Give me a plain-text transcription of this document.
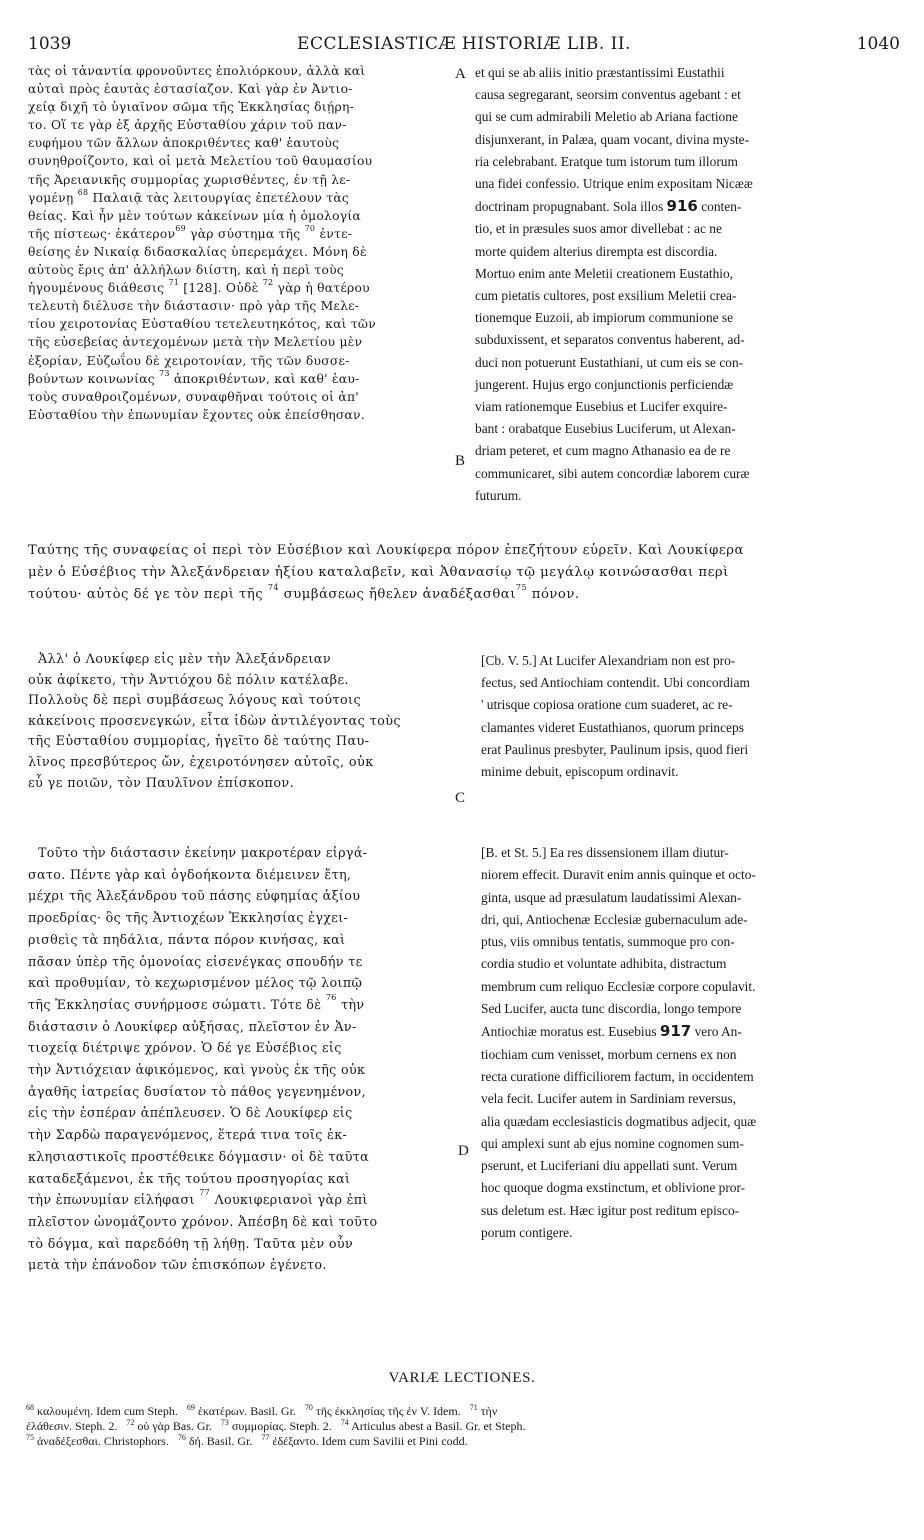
1039	ECCLESIASTICÆ HISTORIÆ LIB. II.	1040
τὰς οἱ τἀναντία φρονοῦντες ἐπολιόρκουν, ἀλλὰ καὶ
αὐταὶ πρὸς ἑαυτὰς ἐστασίαζον. Καὶ γὰρ ἐν Ἀντιο-
χείᾳ διχῆ τὸ ὑγιαῖνον σῶμα τῆς Ἐκκλησίας διῄρη-
το. Οἵ τε γὰρ ἐξ ἀρχῆς Εὐσταθίου χάριν τοῦ παν-
ευφήμου τῶν ἄλλων ἀποκριθέντες καθ' ἑαυτοὺς
συνηθροίζοντο, καὶ οἱ μετὰ Μελετίου τοῦ θαυμασίου
τῆς Ἀρειανικῆς συμμορίας χωρισθέντες, ἐν τῇ λε-
γομένῃ $^{68}$ Παλαιᾷ τὰς λειτουργίας ἐπετέλουν τὰς
θείας. Καὶ ἦν μὲν τούτων κἀκείνων μία ἡ ὁμολογία
τῆς πίστεως· ἑκάτερον$^{69}$ γὰρ σύστημα τῆς $^{70}$ ἐντε-
θείσης ἐν Νικαίᾳ διδασκαλίας ὑπερεμάχει. Μόνη δὲ
αὐτοὺς ἔρις ἀπ' ἀλλήλων διίστη, καὶ ἡ περὶ τοὺς
ἡγουμένους διάθεσις $^{71}$ [128]. Οὐδὲ $^{72}$ γὰρ ἡ θατέρου
τελευτὴ διέλυσε τὴν διάστασιν· πρὸ γὰρ τῆς Μελε-
τίου χειροτονίας Εὐσταθίου τετελευτηκότος, καὶ τῶν
τῆς εὐσεβείας ἀντεχομένων μετὰ τὴν Μελετίου μὲν
ἐξορίαν, Εὐζωΐου δὲ χειροτονίαν, τῆς τῶν δυσσε-
βούντων κοινωνίας $^{73}$ ἀποκριθέντων, καὶ καθ' ἑαυ-
τοὺς συναθροιζομένων, συναφθῆναι τούτοις οἱ ἀπ'
Εὐσταθίου τὴν ἐπωνυμίαν ἔχοντες οὐκ ἐπείσθησαν.
A
B
et qui se ab aliis initio præstantissimi Eustathii
causa segregarant, seorsim conventus agebant : et
qui se cum admirabili Meletio ab Ariana factione
disjunxerant, in Palæa, quam vocant, divina myste-
ria celebrabant. Eratque tum istorum tum illorum
una fidei confessio. Utrique enim expositam Nicææ
doctrinam propugnabant. Sola illos 916 conten-
tio, et in præsules suos amor divellebat : ac ne
morte quidem alterius dirempta est discordia.
Mortuo enim ante Meletii creationem Eustathio,
cum pietatis cultores, post exsilium Meletii crea-
tionemque Euzoii, ab impiorum communione se
subduxissent, et separatos conventus haberent, ad-
duci non potuerunt Eustathiani, ut cum eis se con-
jungerent. Hujus ergo conjunctionis perficiendæ
viam rationemque Eusebius et Lucifer exquire-
bant : orabatque Eusebius Luciferum, ut Alexan-
driam peteret, et cum magno Athanasio ea de re
communicaret, sibi autem concordiæ laborem curæ
futurum.
Ταύτης τῆς συναφείας οἱ περὶ τὸν Εὐσέβιον καὶ Λουκίφερα πόρον ἐπεζήτουν εὑρεῖν. Καὶ Λουκίφερα
μὲν ὁ Εὐσέβιος τὴν Ἀλεξάνδρειαν ἠξίου καταλαβεῖν, καὶ Ἀθανασίῳ τῷ μεγάλῳ κοινώσασθαι περὶ
τούτου· αὐτὸς δέ γε τὸν περὶ τῆς $^{74}$ συμβάσεως ἤθελεν ἀναδέξασθαι$^{75}$ πόνον.
Ἀλλ' ὁ Λουκίφερ εἰς μὲν τὴν Ἀλεξάνδρειαν
οὐκ ἀφίκετο, τὴν Ἀντιόχου δὲ πόλιν κατέλαβε.
Πολλοὺς δὲ περὶ συμβάσεως λόγους καὶ τούτοις
κἀκείνοις προσενεγκών, εἶτα ἰδὼν ἀντιλέγοντας τοὺς
τῆς Εὐσταθίου συμμορίας, ἡγεῖτο δὲ ταύτης Παυ-
λῖνος πρεσβύτερος ὤν, ἐχειροτόνησεν αὐτοῖς, οὐκ
εὖ γε ποιῶν, τὸν Παυλῖνον ἐπίσκοπον.
C
[Cb. V. 5.] At Lucifer Alexandriam non est pro-
fectus, sed Antiochiam contendit. Ubi concordiam
' utrisque copiosa oratione cum suaderet, ac re-
clamantes videret Eustathianos, quorum princeps
erat Paulinus presbyter, Paulinum ipsis, quod fieri
minime debuit, episcopum ordinavit.
Τοῦτο τὴν διάστασιν ἐκείνην μακροτέραν εἰργά-
σατο. Πέντε γὰρ καὶ ὀγδοήκοντα διέμεινεν ἔτη,
μέχρι τῆς Ἀλεξάνδρου τοῦ πάσης εὐφημίας ἀξίου
προεδρίας· ὃς τῆς Ἀντιοχέων Ἐκκλησίας ἐγχει-
ρισθεὶς τὰ πηδάλια, πάντα πόρον κινήσας, καὶ
πᾶσαν ὑπὲρ τῆς ὁμονοίας εἰσενέγκας σπουδήν τε
καὶ προθυμίαν, τὸ κεχωρισμένον μέλος τῷ λοιπῷ
τῆς Ἐκκλησίας συνήρμοσε σώματι. Τότε δὲ $^{76}$ τὴν
διάστασιν ὁ Λουκίφερ αὐξήσας, πλεῖστον ἐν Ἀν-
τιοχείᾳ διέτριψε χρόνον. Ὁ δέ γε Εὐσέβιος εἰς
τὴν Ἀντιόχειαν ἀφικόμενος, καὶ γνοὺς ἐκ τῆς οὐκ
ἀγαθῆς ἰατρείας δυσίατον τὸ πάθος γεγενημένον,
εἰς τὴν ἑσπέραν ἀπέπλευσεν. Ὁ δὲ Λουκίφερ εἰς
τὴν Σαρδὼ παραγενόμενος, ἕτερά τινα τοῖς ἐκ-
κλησιαστικοῖς προστέθεικε δόγμασιν· οἱ δὲ ταῦτα
καταδεξάμενοι, ἐκ τῆς τούτου προσηγορίας καὶ
τὴν ἐπωνυμίαν εἰλήφασι $^{77}$ Λουκιφεριανοὶ γὰρ ἐπὶ
πλεῖστον ὠνομάζοντο χρόνον. Ἀπέσβη δὲ καὶ τοῦτο
τὸ δόγμα, καὶ παρεδόθη τῇ λήθῃ. Ταῦτα μὲν οὖν
μετὰ τὴν ἐπάνοδον τῶν ἐπισκόπων ἐγένετο.
D
[B. et St. 5.] Ea res dissensionem illam diutur-
niorem effecit. Duravit enim annis quinque et octo-
ginta, usque ad præsulatum laudatissimi Alexan-
dri, qui, Antiochenæ Ecclesiæ gubernaculum ade-
ptus, viis omnibus tentatis, summoque pro con-
cordia studio et voluntate adhibita, distractum
membrum cum reliquo Ecclesiæ corpore copulavit.
Sed Lucifer, aucta tunc discordia, longo tempore
Antiochiæ moratus est. Eusebius 917 vero An-
tiochiam cum venisset, morbum cernens ex non
recta curatione difficiliorem factum, in occidentem
vela fecit. Lucifer autem in Sardiniam reversus,
alia quædam ecclesiasticis dogmatibus adjecit, quæ
qui amplexi sunt ab ejus nomine cognomen sum-
pserunt, et Luciferiani diu appellati sunt. Verum
hoc quoque dogma exstinctum, et oblivione pror-
sus deletum est. Hæc igitur post reditum episco-
porum contigere.
VARIÆ LECTIONES.
$^{68}$ καλουμένη. Idem cum Steph. $^{69}$ ἑκατέρων. Basil. Gr. $^{70}$ τῆς ἐκκλησίας τῆς ἐν V. Idem. $^{71}$ τὴν
ἐλάθεσιν. Steph. 2. $^{72}$ οὐ γὰρ Bas. Gr. $^{73}$ συμμορίας. Steph. 2. $^{74}$ Articulus abest a Basil. Gr. et Steph.
$^{75}$ ἀναδέξεσθαι. Christophors. $^{76}$ δή. Basil. Gr. $^{77}$ ἐδέξαντο. Idem cum Savilii et Pini codd.
